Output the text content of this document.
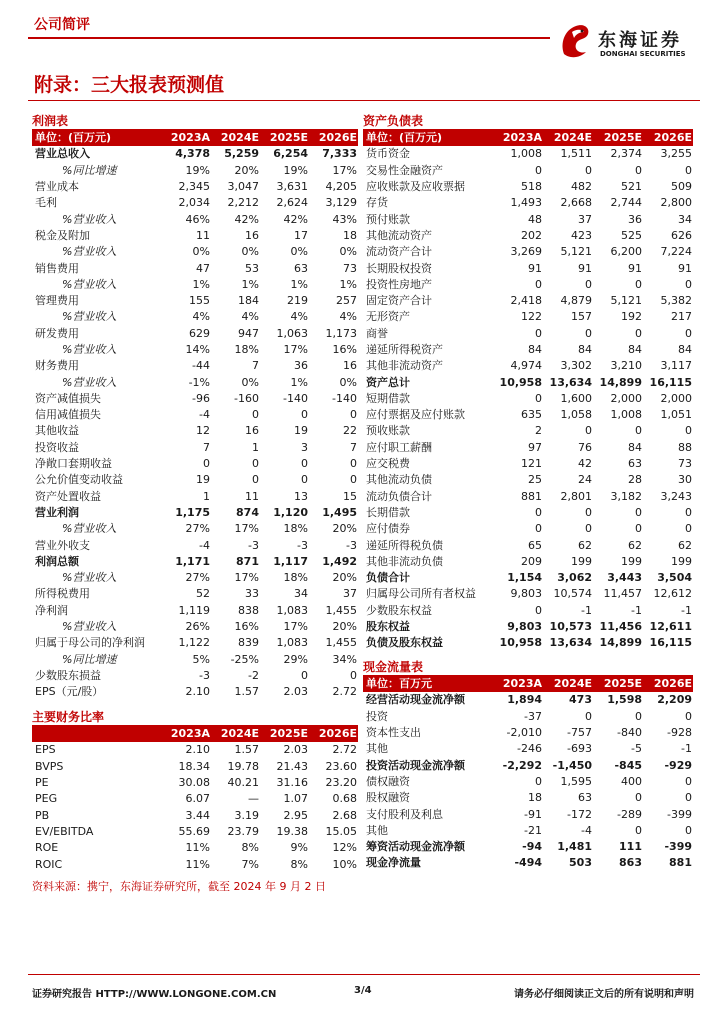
公司简评
东海证券
DONGHAI SECURITIES
附录：三大报表预测值
利润表
单位：(百万元)	2023A	2024E	2025E	2026E
营业总收入	4,378	5,259	6,254	7,333
%同比增速	19%	20%	19%	17%
营业成本	2,345	3,047	3,631	4,205
毛利	2,034	2,212	2,624	3,129
%营业收入	46%	42%	42%	43%
税金及附加	11	16	17	18
%营业收入	0%	0%	0%	0%
销售费用	47	53	63	73
%营业收入	1%	1%	1%	1%
管理费用	155	184	219	257
%营业收入	4%	4%	4%	4%
研发费用	629	947	1,063	1,173
%营业收入	14%	18%	17%	16%
财务费用	-44	7	36	16
%营业收入	-1%	0%	1%	0%
资产减值损失	-96	-160	-140	-140
信用减值损失	-4	0	0	0
其他收益	12	16	19	22
投资收益	7	1	3	7
净敞口套期收益	0	0	0	0
公允价值变动收益	19	0	0	0
资产处置收益	1	11	13	15
营业利润	1,175	874	1,120	1,495
%营业收入	27%	17%	18%	20%
营业外收支	-4	-3	-3	-3
利润总额	1,171	871	1,117	1,492
%营业收入	27%	17%	18%	20%
所得税费用	52	33	34	37
净利润	1,119	838	1,083	1,455
%营业收入	26%	16%	17%	20%
归属于母公司的净利润	1,122	839	1,083	1,455
%同比增速	5%	-25%	29%	34%
少数股东损益	-3	-2	0	0
EPS（元/股）	2.10	1.57	2.03	2.72
主要财务比率
	2023A	2024E	2025E	2026E
EPS	2.10	1.57	2.03	2.72
BVPS	18.34	19.78	21.43	23.60
PE	30.08	40.21	31.16	23.20
PEG	6.07	—	1.07	0.68
PB	3.44	3.19	2.95	2.68
EV/EBITDA	55.69	23.79	19.38	15.05
ROE	11%	8%	9%	12%
ROIC	11%	7%	8%	10%
资产负债表
单位：(百万元)	2023A	2024E	2025E	2026E
货币资金	1,008	1,511	2,374	3,255
交易性金融资产	0	0	0	0
应收账款及应收票据	518	482	521	509
存货	1,493	2,668	2,744	2,800
预付账款	48	37	36	34
其他流动资产	202	423	525	626
流动资产合计	3,269	5,121	6,200	7,224
长期股权投资	91	91	91	91
投资性房地产	0	0	0	0
固定资产合计	2,418	4,879	5,121	5,382
无形资产	122	157	192	217
商誉	0	0	0	0
递延所得税资产	84	84	84	84
其他非流动资产	4,974	3,302	3,210	3,117
资产总计	10,958	13,634	14,899	16,115
短期借款	0	1,600	2,000	2,000
应付票据及应付账款	635	1,058	1,008	1,051
预收账款	2	0	0	0
应付职工薪酬	97	76	84	88
应交税费	121	42	63	73
其他流动负债	25	24	28	30
流动负债合计	881	2,801	3,182	3,243
长期借款	0	0	0	0
应付债券	0	0	0	0
递延所得税负债	65	62	62	62
其他非流动负债	209	199	199	199
负债合计	1,154	3,062	3,443	3,504
归属母公司所有者权益	9,803	10,574	11,457	12,612
少数股东权益	0	-1	-1	-1
股东权益	9,803	10,573	11,456	12,611
负债及股东权益	10,958	13,634	14,899	16,115
现金流量表
单位：百万元	2023A	2024E	2025E	2026E
经营活动现金流净额	1,894	473	1,598	2,209
投资	-37	0	0	0
资本性支出	-2,010	-757	-840	-928
其他	-246	-693	-5	-1
投资活动现金流净额	-2,292	-1,450	-845	-929
债权融资	0	1,595	400	0
股权融资	18	63	0	0
支付股利及利息	-91	-172	-289	-399
其他	-21	-4	0	0
筹资活动现金流净额	-94	1,481	111	-399
现金净流量	-494	503	863	881
资料来源：携宁，东海证券研究所，截至 2024 年 9 月 2 日
证券研究报告 HTTP://WWW.LONGONE.COM.CN	3/4	请务必仔细阅读正文后的所有说明和声明
